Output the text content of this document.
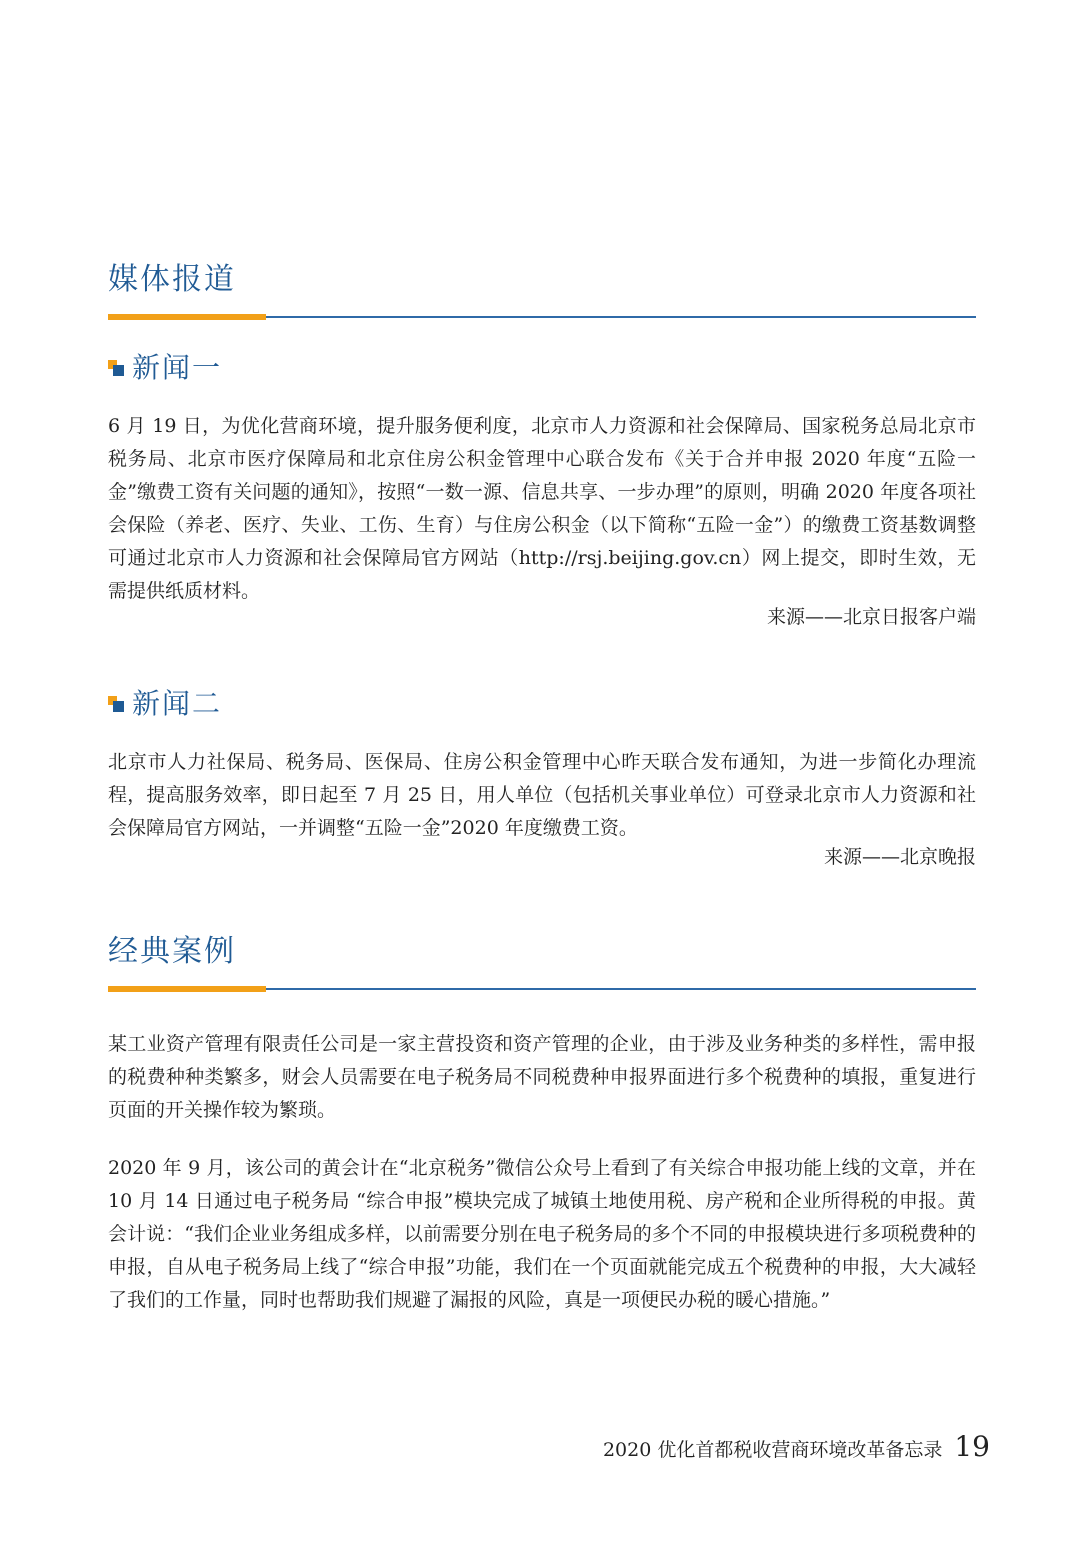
媒体报道
新闻一

6 月 19 日，为优化营商环境，提升服务便利度，北京市人力资源和社会保障局、国家税务总局北京市税务局、北京市医疗保障局和北京住房公积金管理中心联合发布《关于合并申报 2020 年度“五险一金”缴费工资有关问题的通知》，按照“一数一源、信息共享、一步办理”的原则，明确 2020 年度各项社会保险（养老、医疗、失业、工伤、生育）与住房公积金（以下简称“五险一金”）的缴费工资基数调整可通过北京市人力资源和社会保障局官方网站（http://rsj.beijing.gov.cn）网上提交，即时生效，无需提供纸质材料。

来源——北京日报客户端
新闻二

北京市人力社保局、税务局、医保局、住房公积金管理中心昨天联合发布通知，为进一步简化办理流程，提高服务效率，即日起至 7 月 25 日，用人单位（包括机关事业单位）可登录北京市人力资源和社会保障局官方网站，一并调整“五险一金”2020 年度缴费工资。

来源——北京晚报
经典案例

某工业资产管理有限责任公司是一家主营投资和资产管理的企业，由于涉及业务种类的多样性，需申报的税费种种类繁多，财会人员需要在电子税务局不同税费种申报界面进行多个税费种的填报，重复进行页面的开关操作较为繁琐。

2020 年 9 月，该公司的黄会计在“北京税务”微信公众号上看到了有关综合申报功能上线的文章，并在 10 月 14 日通过电子税务局 “综合申报”模块完成了城镇土地使用税、房产税和企业所得税的申报。黄会计说：“我们企业业务组成多样，以前需要分别在电子税务局的多个不同的申报模块进行多项税费种的申报，自从电子税务局上线了“综合申报”功能，我们在一个页面就能完成五个税费种的申报，大大减轻了我们的工作量，同时也帮助我们规避了漏报的风险，真是一项便民办税的暖心措施。”

2020 优化首都税收营商环境改革备忘录 19
